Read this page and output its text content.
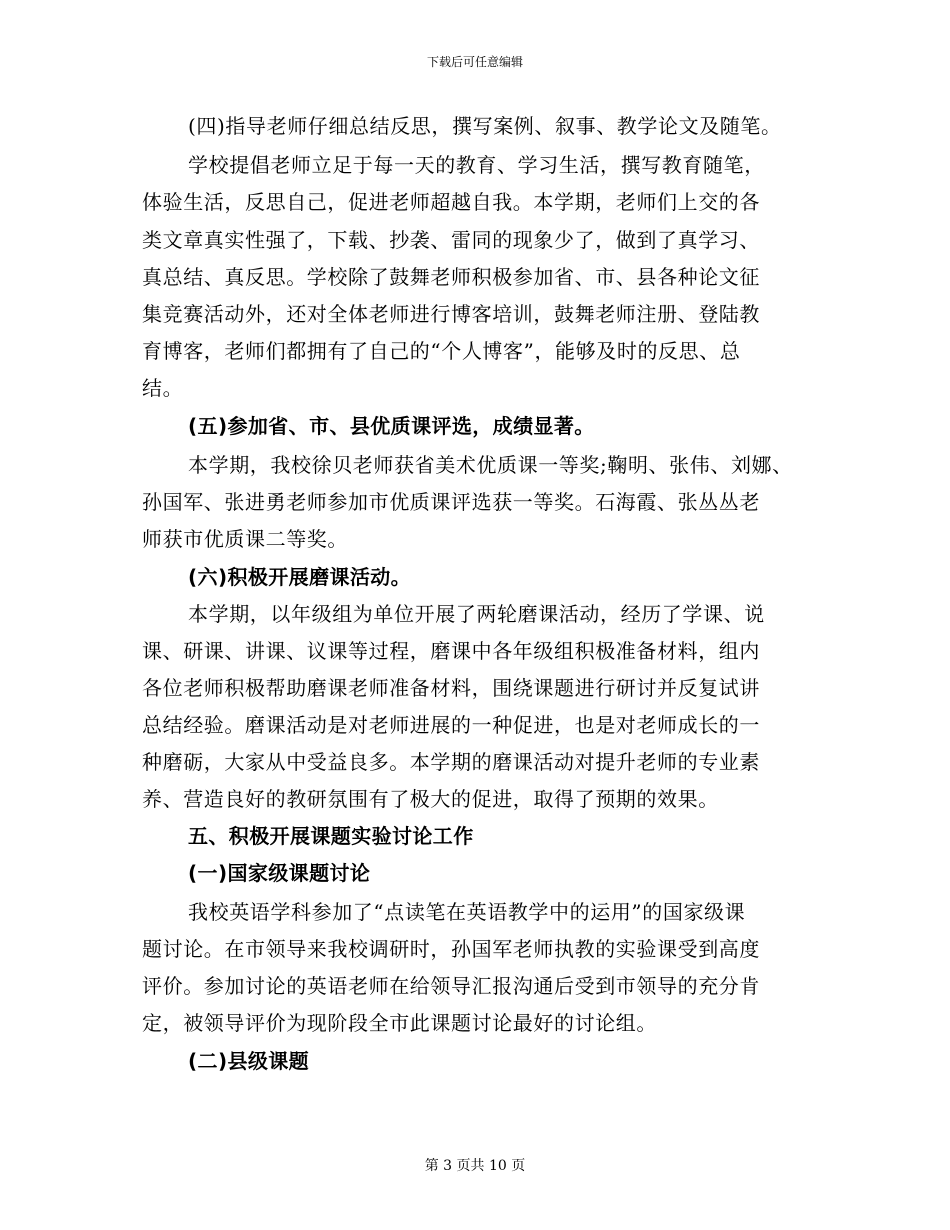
下载后可任意编辑
(四)指导老师仔细总结反思，撰写案例、叙事、教学论文及随笔。
学校提倡老师立足于每一天的教育、学习生活，撰写教育随笔，
体验生活，反思自己，促进老师超越自我。本学期，老师们上交的各
类文章真实性强了，下载、抄袭、雷同的现象少了，做到了真学习、
真总结、真反思。学校除了鼓舞老师积极参加省、市、县各种论文征
集竞赛活动外，还对全体老师进行博客培训，鼓舞老师注册、登陆教
育博客，老师们都拥有了自己的“个人博客”，能够及时的反思、总
结。
(五)参加省、市、县优质课评选，成绩显著。
本学期，我校徐贝老师获省美术优质课一等奖;鞠明、张伟、刘娜、
孙国军、张进勇老师参加市优质课评选获一等奖。石海霞、张丛丛老
师获市优质课二等奖。
(六)积极开展磨课活动。
本学期，以年级组为单位开展了两轮磨课活动，经历了学课、说
课、研课、讲课、议课等过程，磨课中各年级组积极准备材料，组内
各位老师积极帮助磨课老师准备材料，围绕课题进行研讨并反复试讲
总结经验。磨课活动是对老师进展的一种促进，也是对老师成长的一
种磨砺，大家从中受益良多。本学期的磨课活动对提升老师的专业素
养、营造良好的教研氛围有了极大的促进，取得了预期的效果。
五、积极开展课题实验讨论工作
(一)国家级课题讨论
我校英语学科参加了“点读笔在英语教学中的运用”的国家级课
题讨论。在市领导来我校调研时，孙国军老师执教的实验课受到高度
评价。参加讨论的英语老师在给领导汇报沟通后受到市领导的充分肯
定，被领导评价为现阶段全市此课题讨论最好的讨论组。
(二)县级课题
第 3 页共 10 页
